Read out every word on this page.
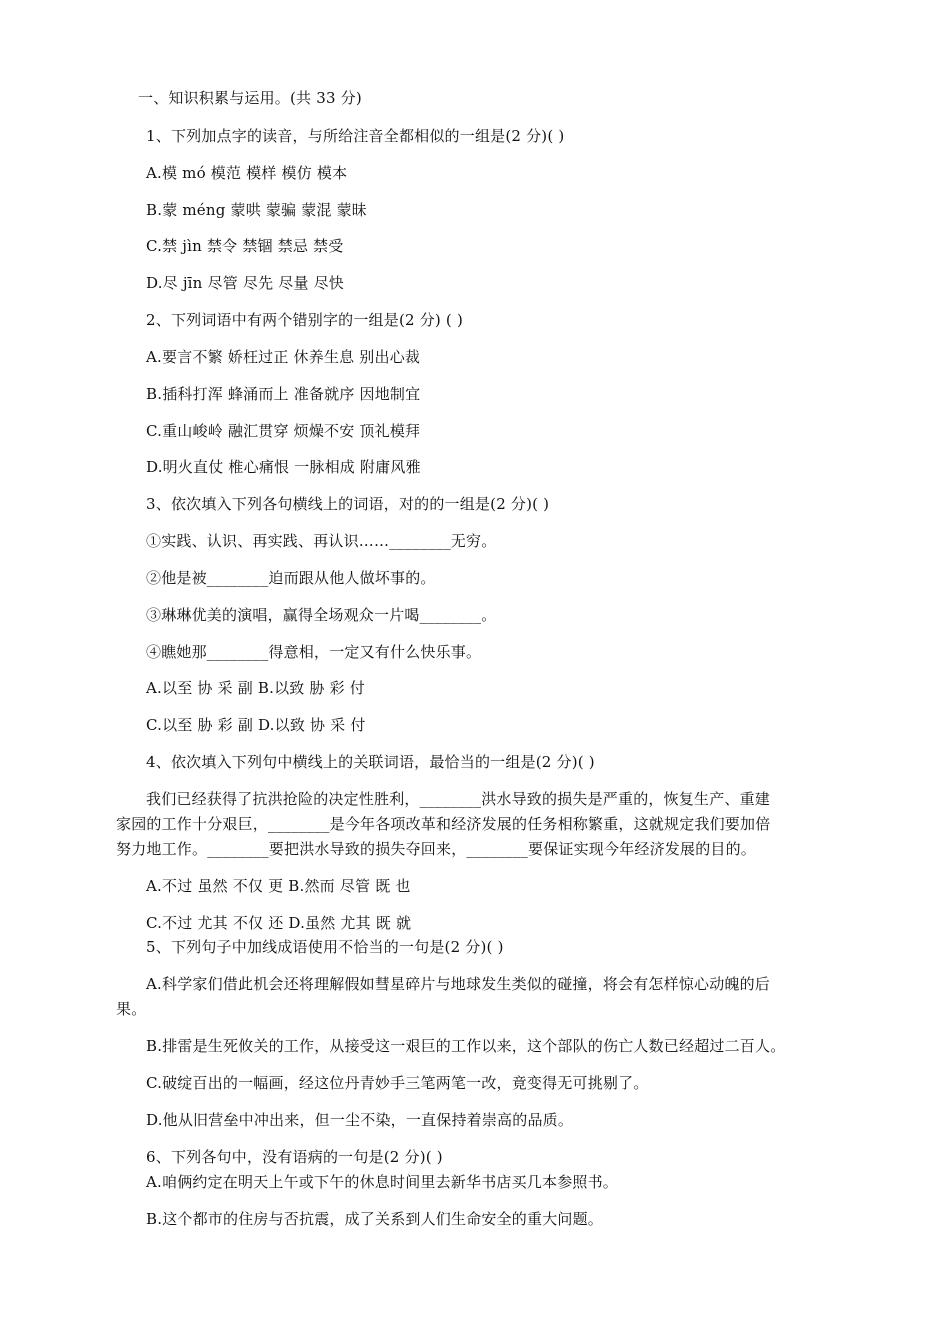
一、知识积累与运用。(共 33 分)
1、下列加点字的读音，与所给注音全都相似的一组是(2 分)( )
A.模 mó 模范 模样 模仿 模本
B.蒙 méng 蒙哄 蒙骗 蒙混 蒙昧
C.禁 jìn 禁令 禁锢 禁忌 禁受
D.尽 jīn 尽管 尽先 尽量 尽快
2、下列词语中有两个错别字的一组是(2 分) ( )
A.要言不繁 娇枉过正 休养生息 别出心裁
B.插科打浑 蜂涌而上 准备就序 因地制宜
C.重山峻岭 融汇贯穿 烦燥不安 顶礼模拜
D.明火直仗 椎心痛恨 一脉相成 附庸风雅
3、依次填入下列各句横线上的词语，对的的一组是(2 分)( )
①实践、认识、再实践、再认识……________无穷。
②他是被________迫而跟从他人做坏事的。
③琳琳优美的演唱，赢得全场观众一片喝________。
④瞧她那________得意相，一定又有什么快乐事。
A.以至 协 采 副 B.以致 胁 彩 付
C.以至 胁 彩 副 D.以致 协 采 付
4、依次填入下列句中横线上的关联词语，最恰当的一组是(2 分)( )
我们已经获得了抗洪抢险的决定性胜利，________洪水导致的损失是严重的，恢复生产、重建
家园的工作十分艰巨，________是今年各项改革和经济发展的任务相称繁重，这就规定我们要加倍
努力地工作。________要把洪水导致的损失夺回来，________要保证实现今年经济发展的目的。
A.不过 虽然 不仅 更 B.然而 尽管 既 也
C.不过 尤其 不仅 还 D.虽然 尤其 既 就
5、下列句子中加线成语使用不恰当的一句是(2 分)( )
A.科学家们借此机会还将理解假如彗星碎片与地球发生类似的碰撞，将会有怎样惊心动魄的后
果。
B.排雷是生死攸关的工作，从接受这一艰巨的工作以来，这个部队的伤亡人数已经超过二百人。
C.破绽百出的一幅画，经这位丹青妙手三笔两笔一改，竟变得无可挑剔了。
D.他从旧营垒中冲出来，但一尘不染，一直保持着崇高的品质。
6、下列各句中，没有语病的一句是(2 分)( )
A.咱俩约定在明天上午或下午的休息时间里去新华书店买几本参照书。
B.这个都市的住房与否抗震，成了关系到人们生命安全的重大问题。
